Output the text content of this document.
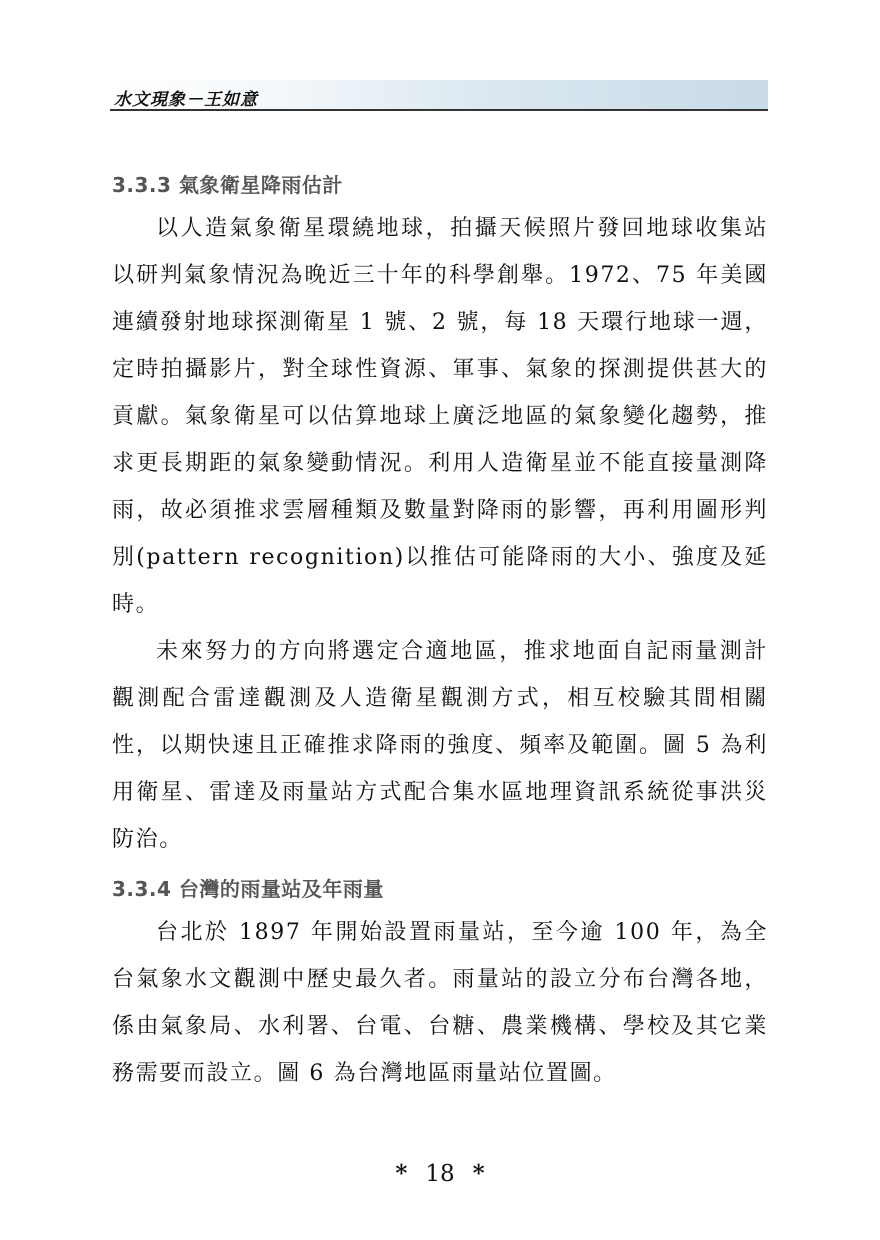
水文現象－王如意
3.3.3 氣象衛星降雨估計

以人造氣象衛星環繞地球，拍攝天候照片發回地球收集站以研判氣象情況為晚近三十年的科學創舉。1972、75 年美國連續發射地球探測衛星 1 號、2 號，每 18 天環行地球一週，定時拍攝影片，對全球性資源、軍事、氣象的探測提供甚大的貢獻。氣象衛星可以估算地球上廣泛地區的氣象變化趨勢，推求更長期距的氣象變動情況。利用人造衛星並不能直接量測降雨，故必須推求雲層種類及數量對降雨的影響，再利用圖形判別(pattern recognition)以推估可能降雨的大小、強度及延時。

未來努力的方向將選定合適地區，推求地面自記雨量測計觀測配合雷達觀測及人造衛星觀測方式，相互校驗其間相關性，以期快速且正確推求降雨的強度、頻率及範圍。圖 5 為利用衛星、雷達及雨量站方式配合集水區地理資訊系統從事洪災防治。

3.3.4 台灣的雨量站及年雨量

台北於 1897 年開始設置雨量站，至今逾 100 年，為全台氣象水文觀測中歷史最久者。雨量站的設立分布台灣各地，係由氣象局、水利署、台電、台糖、農業機構、學校及其它業務需要而設立。圖 6 為台灣地區雨量站位置圖。

* 18 *
